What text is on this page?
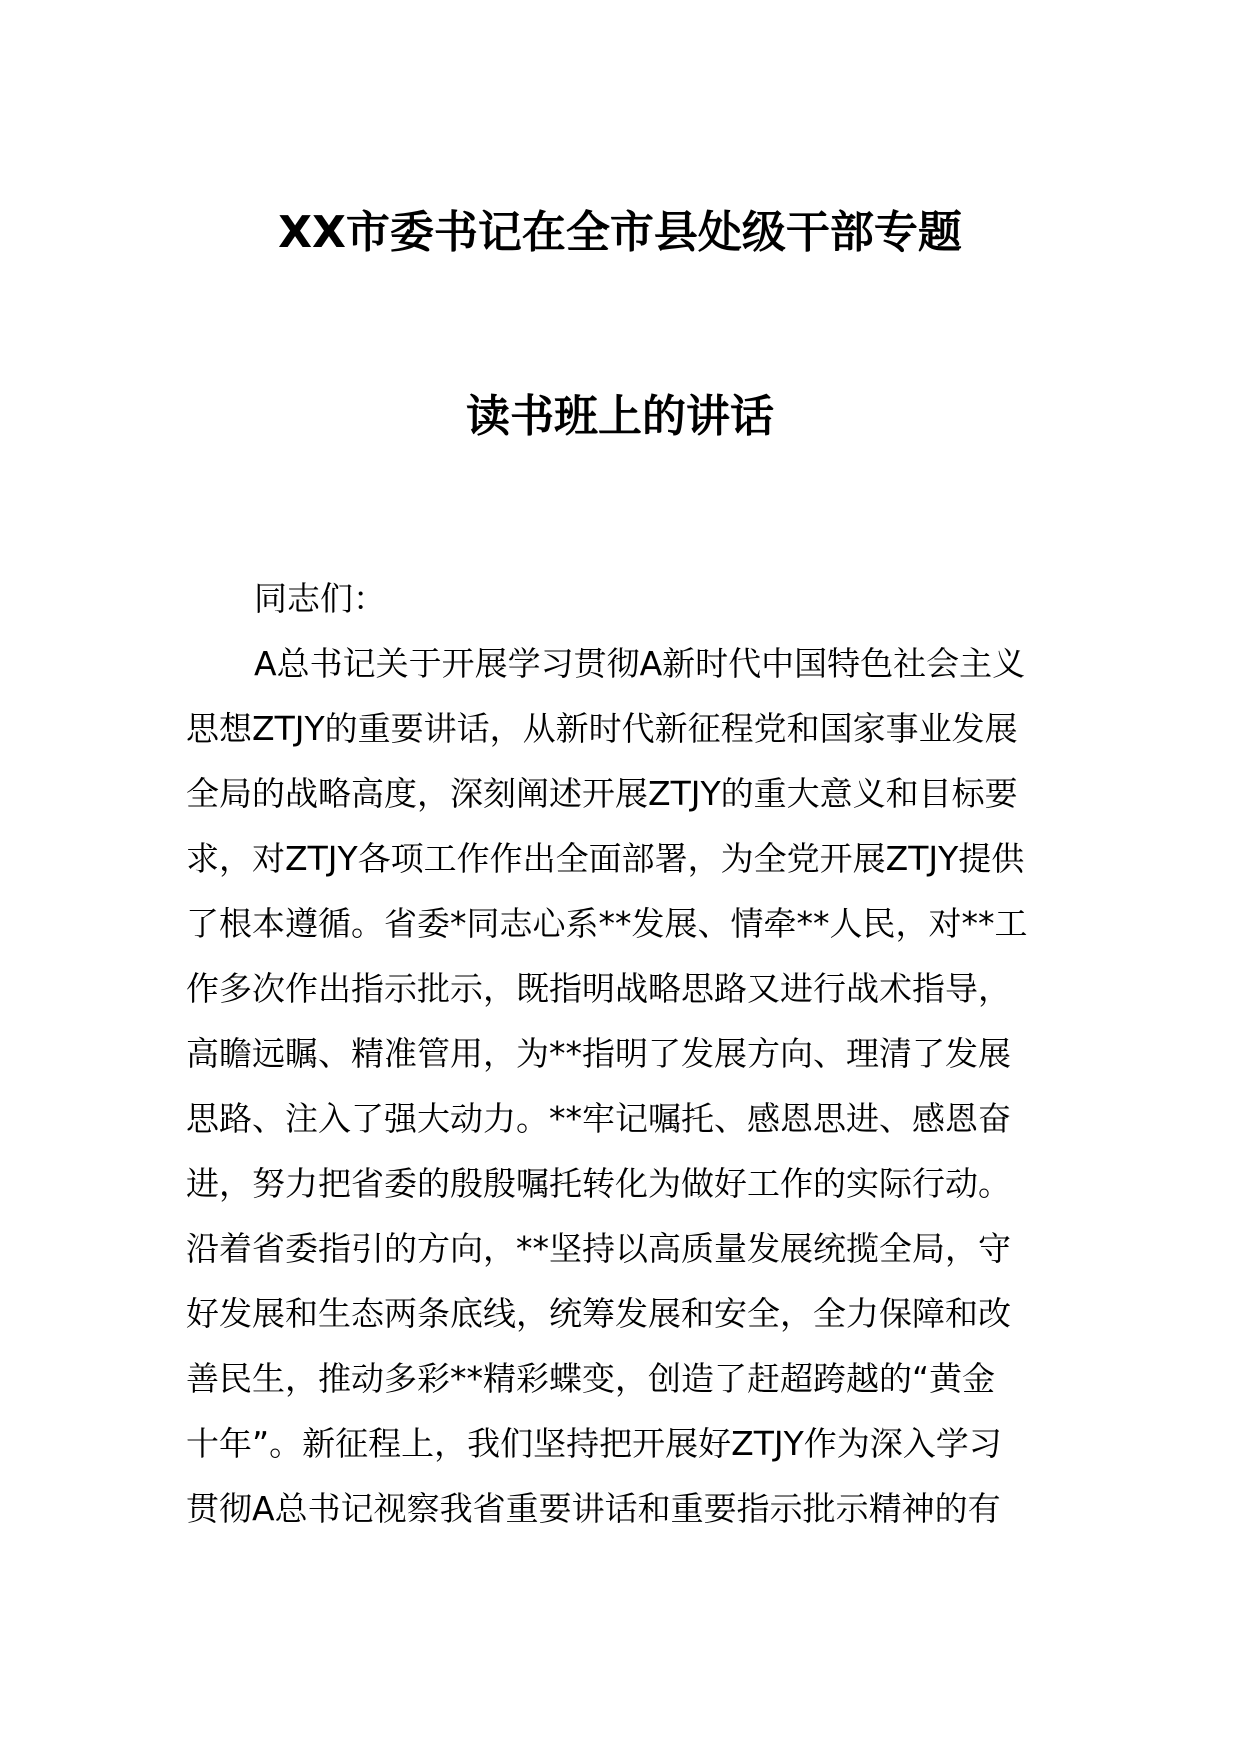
XX市委书记在全市县处级干部专题
读书班上的讲话
同志们：
A总书记关于开展学习贯彻A新时代中国特色社会主义
思想ZTJY的重要讲话，从新时代新征程党和国家事业发展
全局的战略高度，深刻阐述开展ZTJY的重大意义和目标要
求，对ZTJY各项工作作出全面部署，为全党开展ZTJY提供
了根本遵循。省委*同志心系**发展、情牵**人民，对**工
作多次作出指示批示，既指明战略思路又进行战术指导，
高瞻远瞩、精准管用，为**指明了发展方向、理清了发展
思路、注入了强大动力。**牢记嘱托、感恩思进、感恩奋
进，努力把省委的殷殷嘱托转化为做好工作的实际行动。
沿着省委指引的方向，**坚持以高质量发展统揽全局，守
好发展和生态两条底线，统筹发展和安全，全力保障和改
善民生，推动多彩**精彩蝶变，创造了赶超跨越的“黄金
十年”。新征程上，我们坚持把开展好ZTJY作为深入学习
贯彻A总书记视察我省重要讲话和重要指示批示精神的有
